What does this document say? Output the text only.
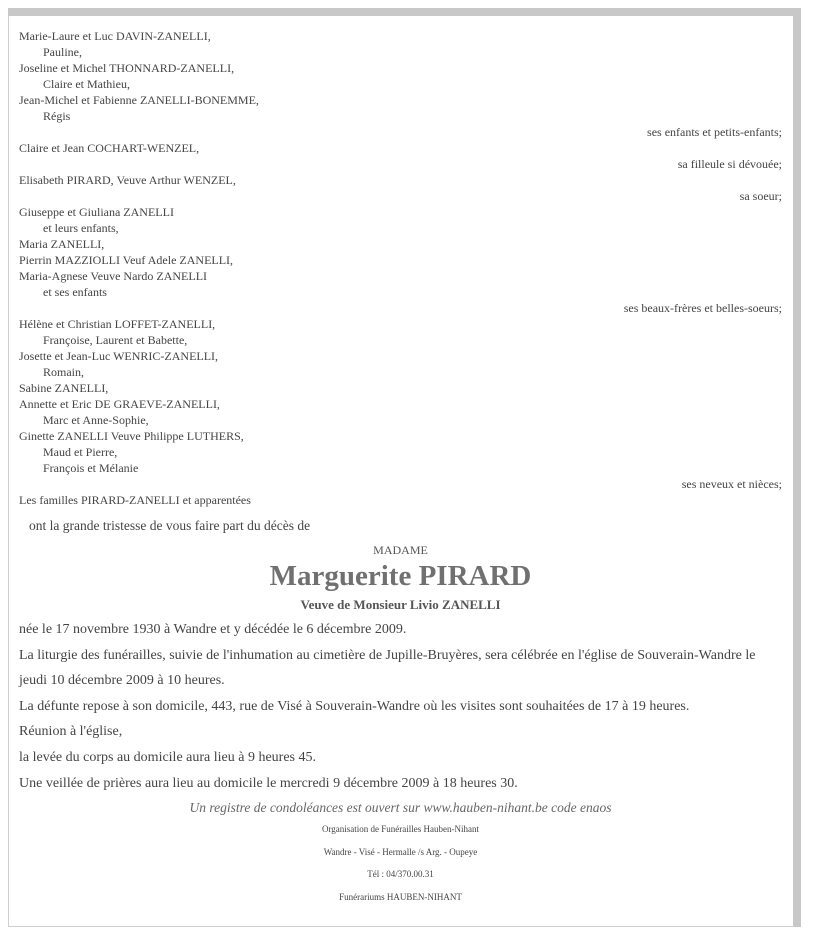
Marie-Laure et Luc DAVIN-ZANELLI,
Pauline,
Joseline et Michel THONNARD-ZANELLI,
Claire et Mathieu,
Jean-Michel et Fabienne ZANELLI-BONEMME,
Régis
ses enfants et petits-enfants;
Claire et Jean COCHART-WENZEL,
sa filleule si dévouée;
Elisabeth PIRARD, Veuve Arthur WENZEL,
sa soeur;
Giuseppe et Giuliana ZANELLI
et leurs enfants,
Maria ZANELLI,
Pierrin MAZZIOLLI Veuf Adele ZANELLI,
Maria-Agnese Veuve Nardo ZANELLI
et ses enfants
ses beaux-frères et belles-soeurs;
Hélène et Christian LOFFET-ZANELLI,
Françoise, Laurent et Babette,
Josette et Jean-Luc WENRIC-ZANELLI,
Romain,
Sabine ZANELLI,
Annette et Eric DE GRAEVE-ZANELLI,
Marc et Anne-Sophie,
Ginette ZANELLI Veuve Philippe LUTHERS,
Maud et Pierre,
François et Mélanie
ses neveux et nièces;
Les familles PIRARD-ZANELLI et apparentées
ont la grande tristesse de vous faire part du décès de
MADAME
Marguerite PIRARD
Veuve de Monsieur Livio ZANELLI
née le 17 novembre 1930 à Wandre et y décédée le 6 décembre 2009.
La liturgie des funérailles, suivie de l'inhumation au cimetière de Jupille-Bruyères, sera célébrée en l'église de Souverain-Wandre le
jeudi 10 décembre 2009 à 10 heures.
La défunte repose à son domicile, 443, rue de Visé à Souverain-Wandre où les visites sont souhaitées de 17 à 19 heures.
Réunion à l'église,
la levée du corps au domicile aura lieu à 9 heures 45.
Une veillée de prières aura lieu au domicile le mercredi 9 décembre 2009 à 18 heures 30.
Un registre de condoléances est ouvert sur www.hauben-nihant.be code enaos
Organisation de Funérailles Hauben-Nihant
Wandre - Visé - Hermalle /s Arg. - Oupeye
Tél : 04/370.00.31
Funérariums HAUBEN-NIHANT
